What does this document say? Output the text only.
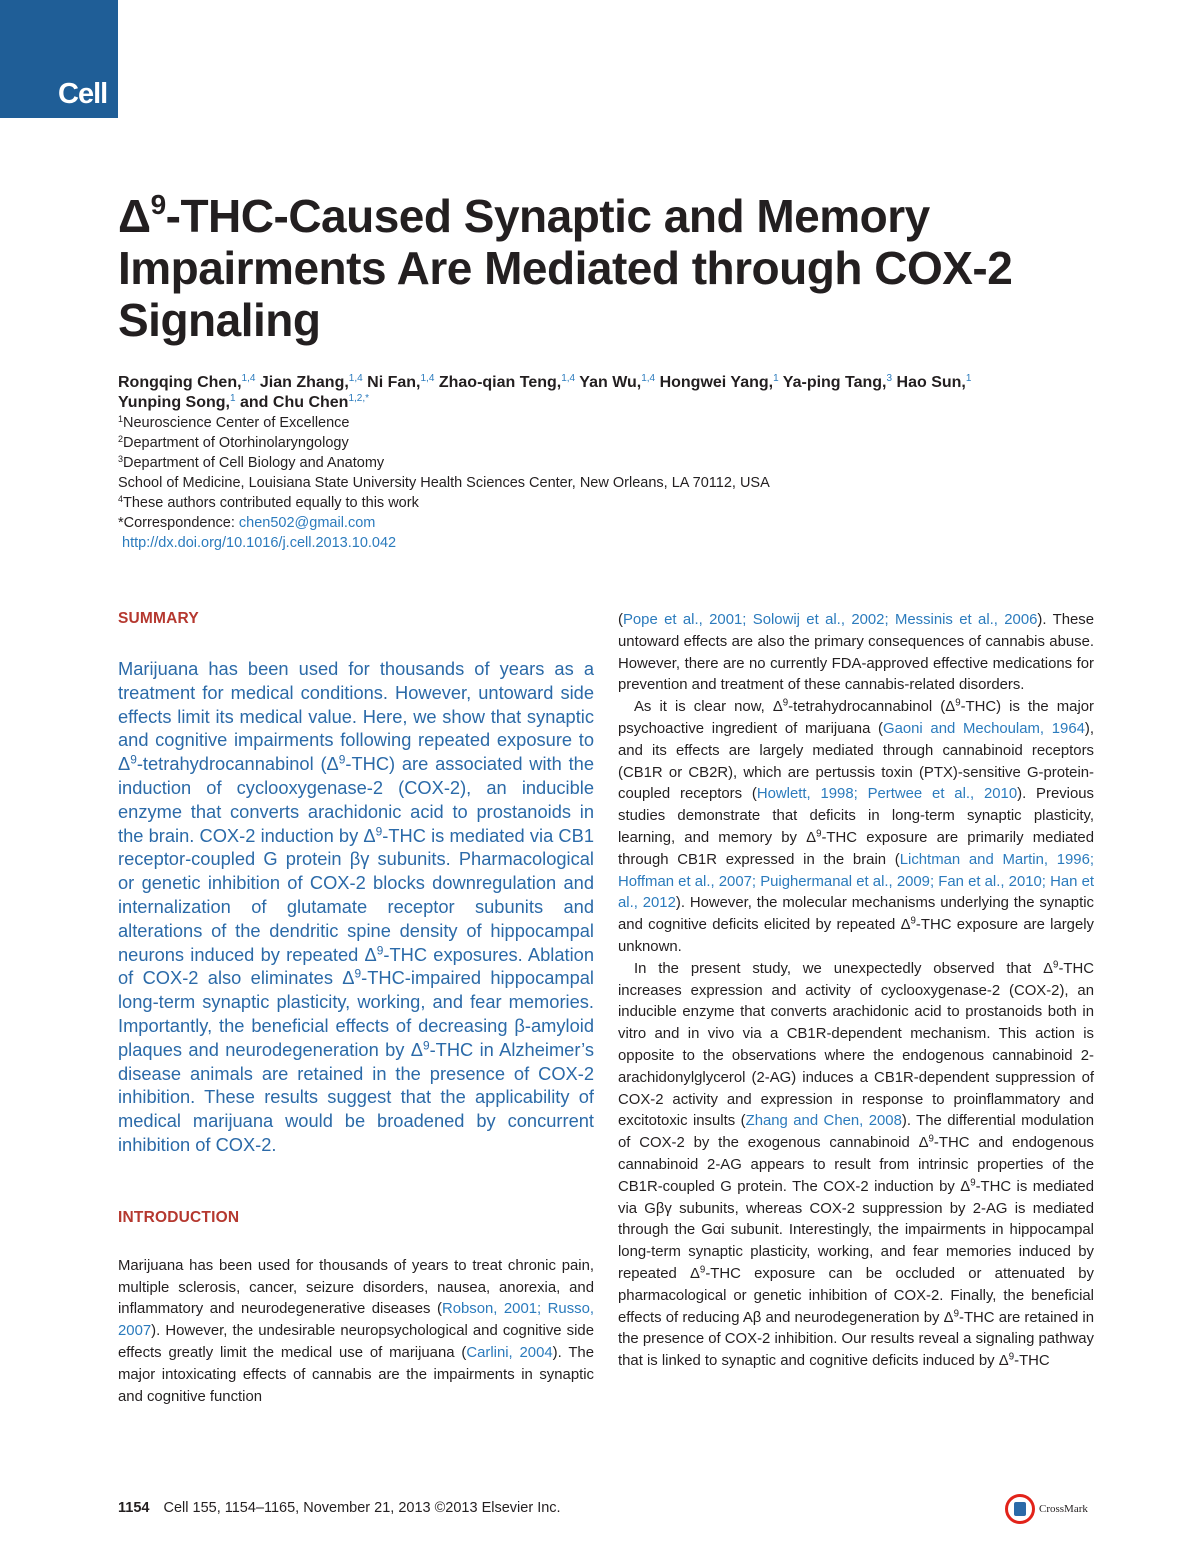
Cell
$\Delta^9-THC$-Caused Synaptic and Memory Impairments Are Mediated through COX-2 Signaling
Rongqing Chen,$^{1,4}$ Jian Zhang,$^{1,4}$ Ni Fan,$^{1,4}$ Zhao-qian Teng,$^{1,4}$ Yan Wu,$^{1,4}$ Hongwei Yang,$^1$ Ya-ping Tang,$^3$ Hao Sun,$^1$
Yunping Song,$^1$ and Chu Chen$^{1,2,*}$
$^1$Neuroscience Center of Excellence
$^2$Department of Otorhinolaryngology
$^3$Department of Cell Biology and Anatomy
School of Medicine, Louisiana State University Health Sciences Center, New Orleans, LA 70112, USA
$^4$These authors contributed equally to this work
*Correspondence: chen502@gmail.com
http://dx.doi.org/10.1016/j.cell.2013.10.042
SUMMARY

Marijuana has been used for thousands of years as a treatment for medical conditions. However, untoward side effects limit its medical value. Here, we show that synaptic and cognitive impairments following repeated exposure to $\Delta^9$-tetrahydrocannabinol $(\Delta^9-THC)$ are associated with the induction of cyclooxygenase-2 (COX-2), an inducible enzyme that converts arachidonic acid to prostanoids in the brain. COX-2 induction by $\Delta^9$-THC is mediated via CB1 receptor-coupled G protein βγ subunits. Pharmacological or genetic inhibition of COX-2 blocks downregulation and internalization of glutamate receptor subunits and alterations of the dendritic spine density of hippocampal neurons induced by repeated $\Delta^9$-THC exposures. Ablation of COX-2 also eliminates $\Delta^9-THC$-impaired hippocampal long-term synaptic plasticity, working, and fear memories. Importantly, the beneficial effects of decreasing β-amyloid plaques and neurodegeneration by $\Delta^9$-THC in Alzheimer’s disease animals are retained in the presence of COX-2 inhibition. These results suggest that the applicability of medical marijuana would be broadened by concurrent inhibition of COX-2.

INTRODUCTION

Marijuana has been used for thousands of years to treat chronic pain, multiple sclerosis, cancer, seizure disorders, nausea, anorexia, and inflammatory and neurodegenerative diseases (Robson, 2001; Russo, 2007). However, the undesirable neuropsychological and cognitive side effects greatly limit the medical use of marijuana (Carlini, 2004). The major intoxicating effects of cannabis are the impairments in synaptic and cognitive function

(Pope et al., 2001; Solowij et al., 2002; Messinis et al., 2006). These untoward effects are also the primary consequences of cannabis abuse. However, there are no currently FDA-approved effective medications for prevention and treatment of these cannabis-related disorders.

As it is clear now, $\Delta^9$-tetrahydrocannabinol $(\Delta^9-THC)$ is the major psychoactive ingredient of marijuana (Gaoni and Mechoulam, 1964), and its effects are largely mediated through cannabinoid receptors (CB1R or CB2R), which are pertussis toxin (PTX)-sensitive G-protein-coupled receptors (Howlett, 1998; Pertwee et al., 2010). Previous studies demonstrate that deficits in long-term synaptic plasticity, learning, and memory by $\Delta^9$-THC exposure are primarily mediated through CB1R expressed in the brain (Lichtman and Martin, 1996; Hoffman et al., 2007; Puighermanal et al., 2009; Fan et al., 2010; Han et al., 2012). However, the molecular mechanisms underlying the synaptic and cognitive deficits elicited by repeated $\Delta^9$-THC exposure are largely unknown.

In the present study, we unexpectedly observed that $\Delta^9$-THC increases expression and activity of cyclooxygenase-2 (COX-2), an inducible enzyme that converts arachidonic acid to prostanoids both in vitro and in vivo via a CB1R-dependent mechanism. This action is opposite to the observations where the endogenous cannabinoid 2-arachidonylglycerol (2-AG) induces a CB1R-dependent suppression of COX-2 activity and expression in response to proinflammatory and excitotoxic insults (Zhang and Chen, 2008). The differential modulation of COX-2 by the exogenous cannabinoid $\Delta^9$-THC and endogenous cannabinoid 2-AG appears to result from intrinsic properties of the CB1R-coupled G protein. The COX-2 induction by $\Delta^9$-THC is mediated via Gβγ subunits, whereas COX-2 suppression by 2-AG is mediated through the Gαi subunit. Interestingly, the impairments in hippocampal long-term synaptic plasticity, working, and fear memories induced by repeated $\Delta^9$-THC exposure can be occluded or attenuated by pharmacological or genetic inhibition of COX-2. Finally, the beneficial effects of reducing Aβ and neurodegeneration by $\Delta^9$-THC are retained in the presence of COX-2 inhibition. Our results reveal a signaling pathway that is linked to synaptic and cognitive deficits induced by $\Delta^9$-THC

1154 Cell 155, 1154–1165, November 21, 2013 ©2013 Elsevier Inc.	CrossMark
